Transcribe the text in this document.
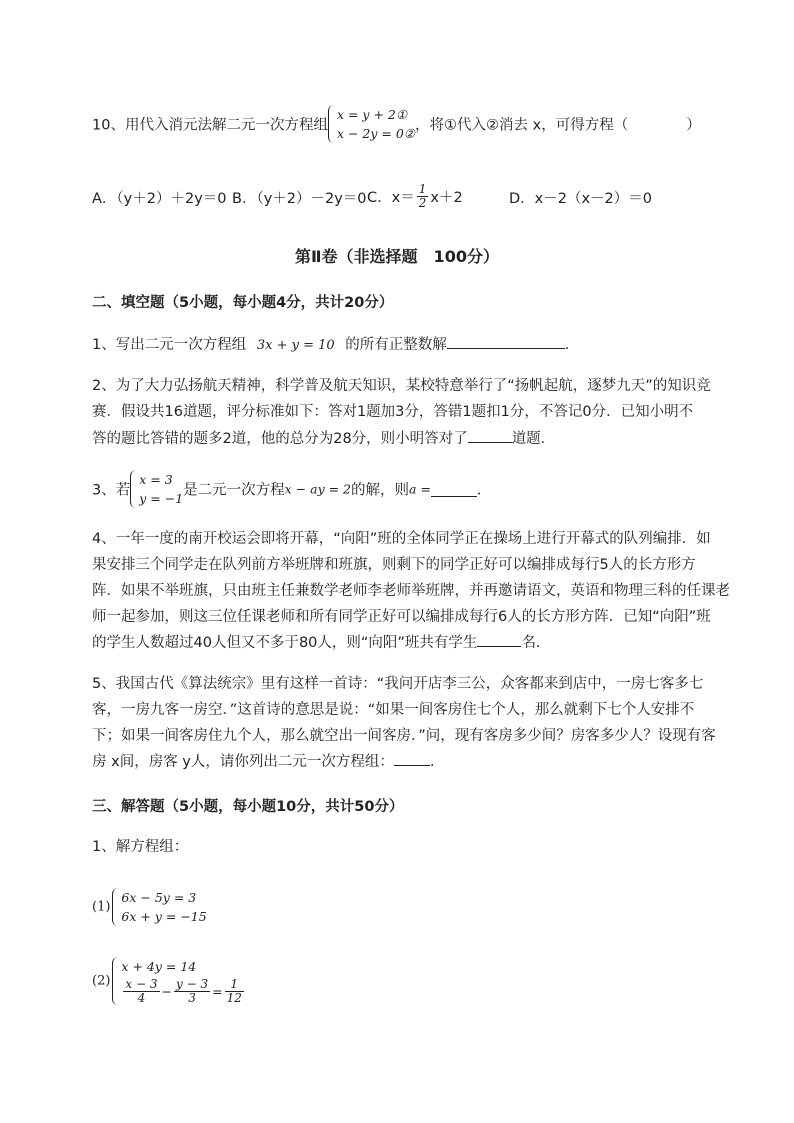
10、用代入消元法解二元一次方程组
x = y + 2①
x − 2y = 0② ，将①代入②消去 x，可得方程（　　　　）
A．（y＋2）＋2y＝0 B．（y＋2）－2y＝0 C．$x= \frac{1}{2} x+2$	D．x－2（x－2）＝0
第Ⅱ卷（非选择题　100分）
二、填空题（5小题，每小题4分，共计20分）
1、写出二元一次方程组 3x + y = 10 的所有正整数解	.
2、为了大力弘扬航天精神，科学普及航天知识，某校特意举行了“扬帆起航，逐梦九天”的知识竞
赛．假设共16道题，评分标准如下：答对1题加3分，答错1题扣1分，不答记0分．已知小明不
答的题比答错的题多2道，他的总分为28分，则小明答对了	道题．
3、若
x = 3
y = −1 是二元一次方程x − ay = 2的解，则a =	．
4、一年一度的南开校运会即将开幕，“向阳”班的全体同学正在操场上进行开幕式的队列编排．如
果安排三个同学走在队列前方举班牌和班旗，则剩下的同学正好可以编排成每行5人的长方形方
阵．如果不举班旗，只由班主任兼数学老师李老师举班牌，并再邀请语文，英语和物理三科的任课老
师一起参加，则这三位任课老师和所有同学正好可以编排成每行6人的长方形方阵．已知“向阳”班
的学生人数超过40人但又不多于80人，则“向阳”班共有学生	名．
5、我国古代《算法统宗》里有这样一首诗：“我问开店李三公，众客都来到店中，一房七客多七
客，一房九客一房空．”这首诗的意思是说：“如果一间客房住七个人，那么就剩下七个人安排不
下；如果一间客房住九个人，那么就空出一间客房．”问，现有客房多少间？房客多少人？设现有客
房 x间，房客 y人，请你列出二元一次方程组： .
三、解答题（5小题，每小题10分，共计50分）
1、解方程组：
(1)
6x − 5y = 3
6x + y = −15
(2)
x + 4y = 14
$\frac{x - 3}{4} - \frac{y - 3}{3} = \frac{1}{12}$
